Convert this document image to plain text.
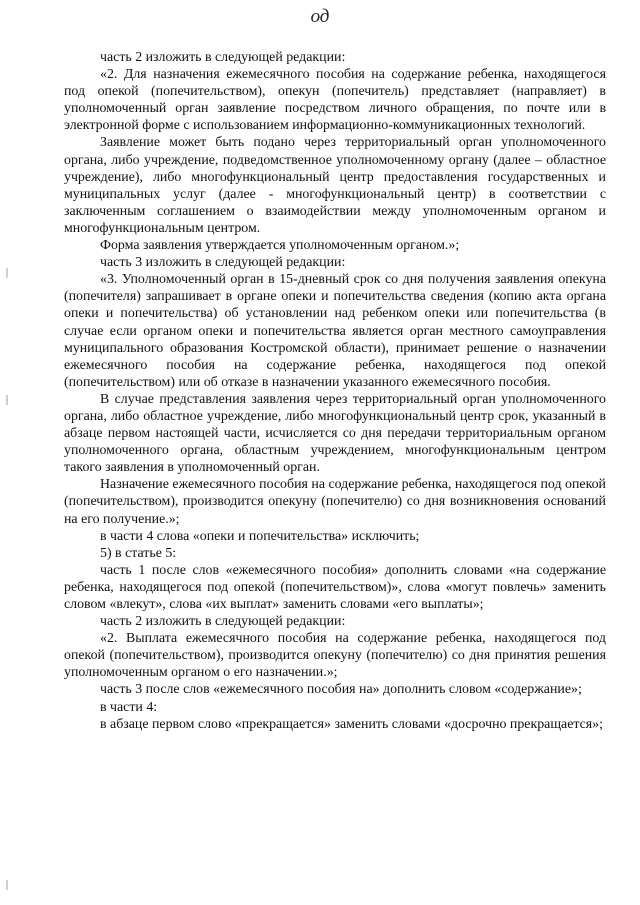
од

часть 2 изложить в следующей редакции:

«2. Для назначения ежемесячного пособия на содержание ребенка, находящегося под опекой (попечительством), опекун (попечитель) представляет (направляет) в уполномоченный орган заявление посредством личного обращения, по почте или в электронной форме с использованием информационно-коммуникационных технологий.

Заявление может быть подано через территориальный орган уполномоченного органа, либо учреждение, подведомственное уполномоченному органу (далее – областное учреждение), либо многофункциональный центр предоставления государственных и муниципальных услуг (далее - многофункциональный центр) в соответствии с заключенным соглашением о взаимодействии между уполномоченным органом и многофункциональным центром.

Форма заявления утверждается уполномоченным органом.»;

часть 3 изложить в следующей редакции:

«3. Уполномоченный орган в 15-дневный срок со дня получения заявления опекуна (попечителя) запрашивает в органе опеки и попечительства сведения (копию акта органа опеки и попечительства) об установлении над ребенком опеки или попечительства (в случае если органом опеки и попечительства является орган местного самоуправления муниципального образования Костромской области), принимает решение о назначении ежемесячного пособия на содержание ребенка, находящегося под опекой (попечительством) или об отказе в назначении указанного ежемесячного пособия.

В случае представления заявления через территориальный орган уполномоченного органа, либо областное учреждение, либо многофункциональный центр срок, указанный в абзаце первом настоящей части, исчисляется со дня передачи территориальным органом уполномоченного органа, областным учреждением, многофункциональным центром такого заявления в уполномоченный орган.

Назначение ежемесячного пособия на содержание ребенка, находящегося под опекой (попечительством), производится опекуну (попечителю) со дня возникновения оснований на его получение.»;

в части 4 слова «опеки и попечительства» исключить;

5) в статье 5:

часть 1 после слов «ежемесячного пособия» дополнить словами «на содержание ребенка, находящегося под опекой (попечительством)», слова «могут повлечь» заменить словом «влекут», слова «их выплат» заменить словами «его выплаты»;

часть 2 изложить в следующей редакции:

«2. Выплата ежемесячного пособия на содержание ребенка, находящегося под опекой (попечительством), производится опекуну (попечителю) со дня принятия решения уполномоченным органом о его назначении.»;

часть 3 после слов «ежемесячного пособия на» дополнить словом «содержание»;

в части 4:

в абзаце первом слово «прекращается» заменить словами «досрочно прекращается»;
